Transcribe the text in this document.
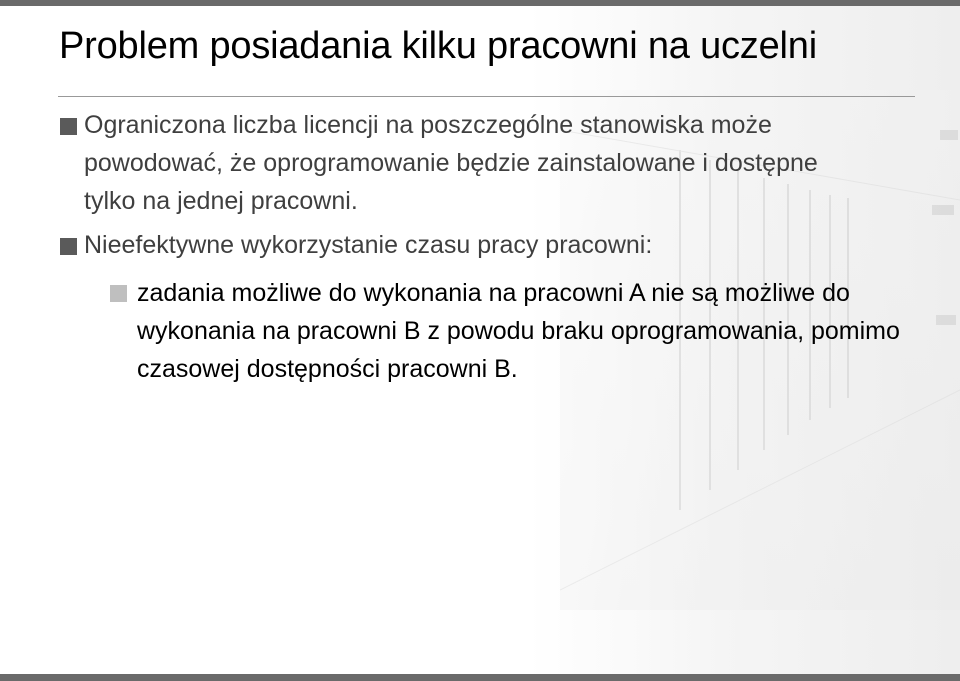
Problem posiadania kilku pracowni na uczelni
Ograniczona liczba licencji na poszczególne stanowiska może powodować, że oprogramowanie będzie zainstalowane i dostępne tylko na jednej pracowni.
Nieefektywne wykorzystanie czasu pracy pracowni:
zadania możliwe do wykonania na pracowni A nie są możliwe do wykonania na pracowni B z powodu braku oprogramowania, pomimo czasowej dostępności pracowni B.
